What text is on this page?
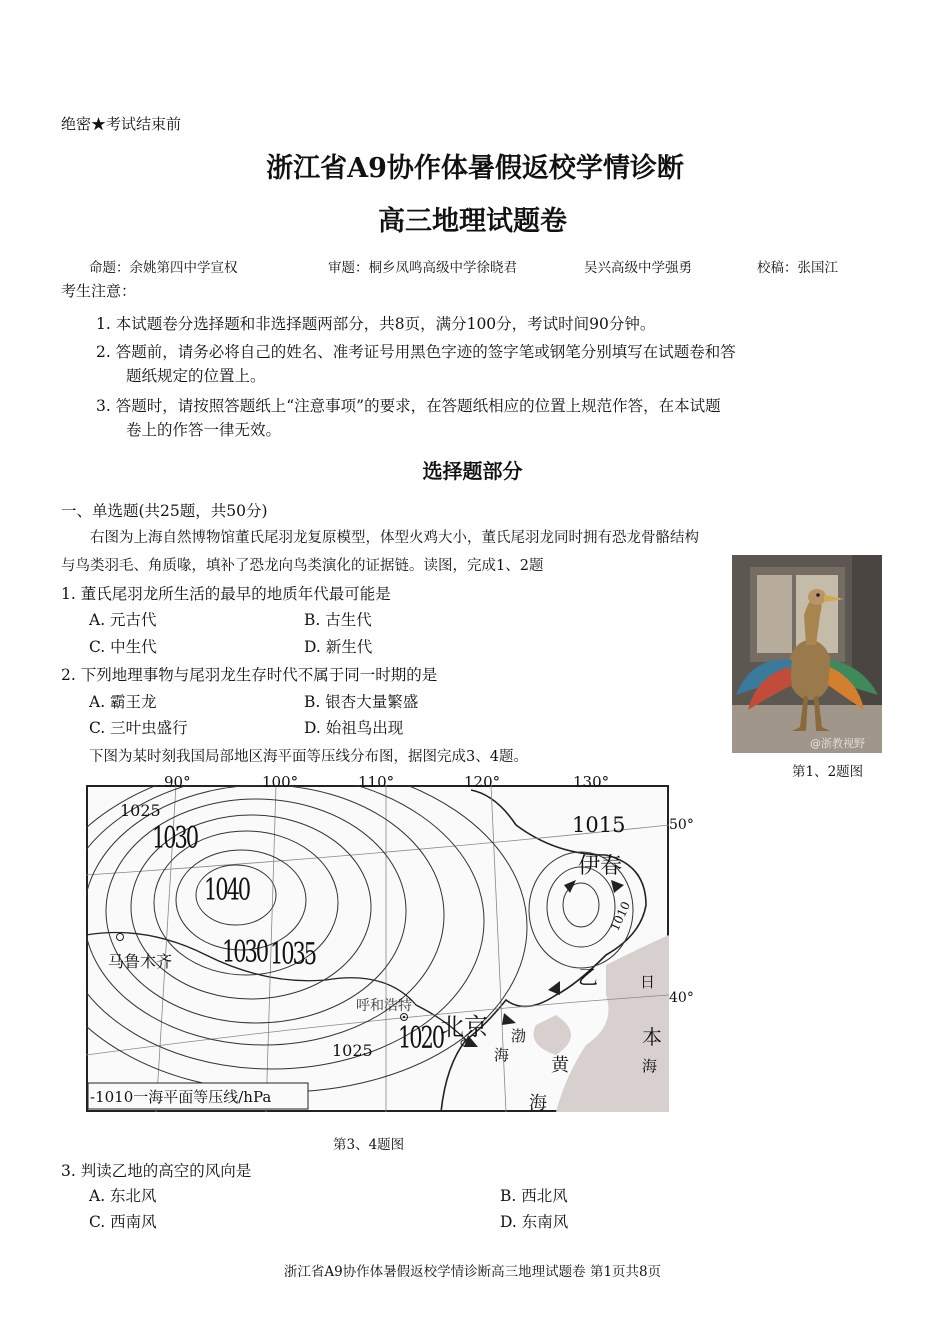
绝密★考试结束前
浙江省A9协作体暑假返校学情诊断
高三地理试题卷
命题：余姚第四中学宣权	审题：桐乡凤鸣高级中学徐晓君	吴兴高级中学强勇	校稿：张国江
考生注意：
1. 本试题卷分选择题和非选择题两部分，共8页，满分100分，考试时间90分钟。
2. 答题前，请务必将自己的姓名、准考证号用黑色字迹的签字笔或钢笔分别填写在试题卷和答
题纸规定的位置上。
3. 答题时，请按照答题纸上“注意事项”的要求，在答题纸相应的位置上规范作答，在本试题
卷上的作答一律无效。
选择题部分
一、单选题(共25题，共50分)
右图为上海自然博物馆董氏尾羽龙复原模型，体型火鸡大小，董氏尾羽龙同时拥有恐龙骨骼结构
与鸟类羽毛、角质喙，填补了恐龙向鸟类演化的证据链。读图，完成1、2题
1. 董氏尾羽龙所生活的最早的地质年代最可能是
A. 元古代	B. 古生代
C. 中生代	D. 新生代
2. 下列地理事物与尾羽龙生存时代不属于同一时期的是
A. 霸王龙	B. 银杏大量繁盛
C. 三叶虫盛行	D. 始祖鸟出现
下图为某时刻我国局部地区海平面等压线分布图，据图完成3、4题。
@浙教视野
第1、2题图
90°	100°	110°	120°	130°
50°
40°
1025
1030
1040
1030 1035
1015
1010
1020
1025
伊春
乙
马鲁木齐
呼和浩特
北京 渤
海 黄
海
日
本
海
-1010一海平面等压线/hPa
第3、4题图
3. 判读乙地的高空的风向是
A. 东北风	B. 西北风
C. 西南风	D. 东南风
浙江省A9协作体暑假返校学情诊断高三地理试题卷 第1页共8页
